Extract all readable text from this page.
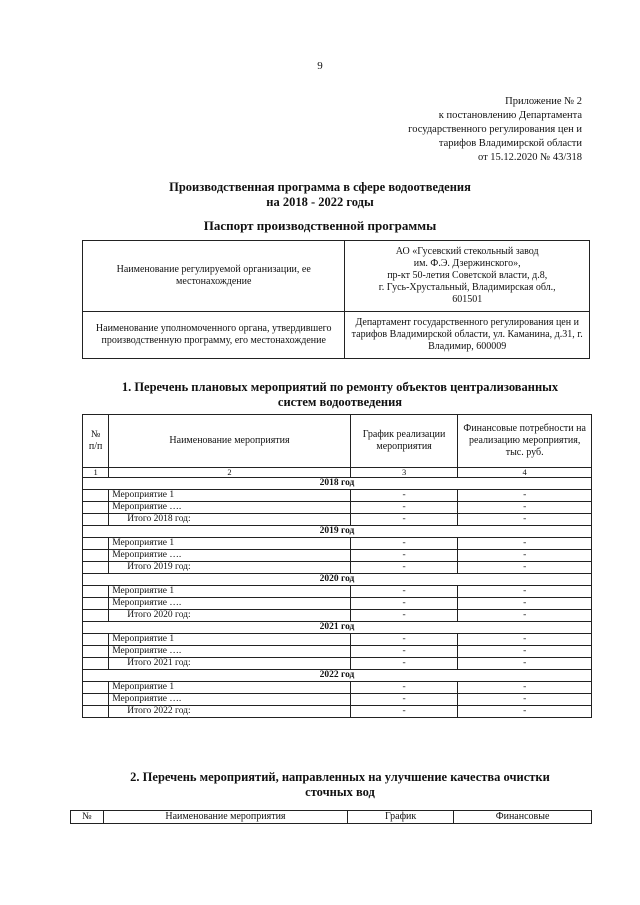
9
Приложение № 2
к постановлению Департамента
государственного регулирования цен и
тарифов Владимирской области
от 15.12.2020 № 43/318
Производственная программа в сфере водоотведения
на 2018 - 2022 годы
Паспорт производственной программы
Наименование регулируемой организации, ее местонахождение	АО «Гусевский стекольный завод
им. Ф.Э. Дзержинского»,
пр-кт 50-летия Советской власти, д.8,
г. Гусь-Хрустальный, Владимирская обл.,
601501

Наименование уполномоченного органа, утвердившего производственную программу, его местонахождение	Департамент государственного регулирования цен и тарифов Владимирской области, ул. Каманина, д.31, г. Владимир, 600009
1. Перечень плановых мероприятий по ремонту объектов централизованных
систем водоотведения
№ п/п	Наименование мероприятия	График реализации мероприятия	Финансовые потребности на реализацию мероприятия, тыс. руб.
1	2	3	4
2018 год			
	Мероприятие 1	-	-
	Мероприятие ….	-	-
	Итого 2018 год:	-	-
2019 год			
	Мероприятие 1	-	-
	Мероприятие ….	-	-
	Итого 2019 год:	-	-
2020 год			
	Мероприятие 1	-	-
	Мероприятие ….	-	-
	Итого 2020 год:	-	-
2021 год			
	Мероприятие 1	-	-
	Мероприятие ….	-	-
	Итого 2021 год:	-	-
2022 год			
	Мероприятие 1	-	-
	Мероприятие ….	-	-
	Итого 2022 год:	-	-
2. Перечень мероприятий, направленных на улучшение качества очистки
сточных вод
№	Наименование мероприятия	График	Финансовые
